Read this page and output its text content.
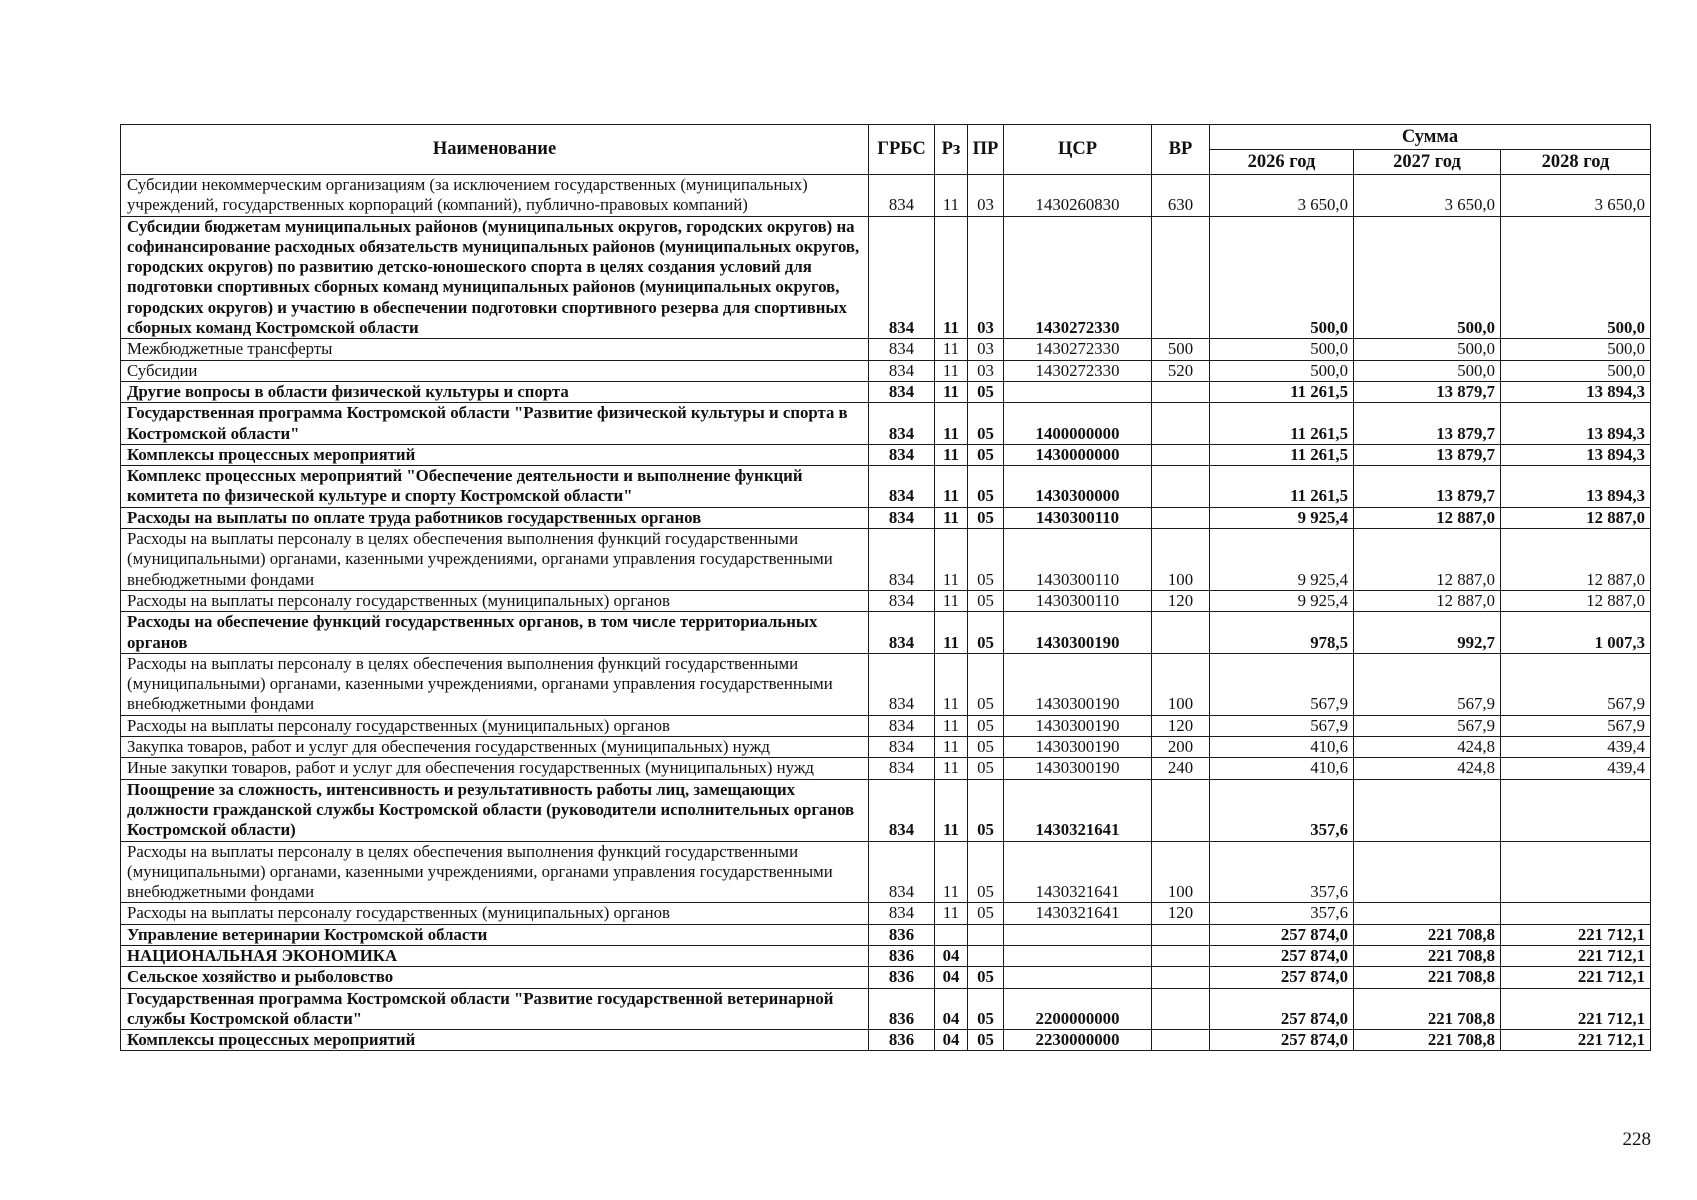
Наименование	ГРБС	Рз	ПР	ЦСР	ВР	Сумма		
						2026 год	2027 год	2028 год
Субсидии некоммерческим организациям (за исключением государственных (муниципальных) учреждений, государственных корпораций (компаний), публично-правовых компаний)	834	11	03	1430260830	630	3 650,0	3 650,0	3 650,0
Субсидии бюджетам муниципальных районов (муниципальных округов, городских округов) на софинансирование расходных обязательств муниципальных районов (муниципальных округов, городских округов) по развитию детско-юношеского спорта в целях создания условий для подготовки спортивных сборных команд муниципальных районов (муниципальных округов, городских округов) и участию в обеспечении подготовки спортивного резерва для спортивных сборных команд Костромской области	834	11	03	1430272330		500,0	500,0	500,0
Межбюджетные трансферты	834	11	03	1430272330	500	500,0	500,0	500,0
Субсидии	834	11	03	1430272330	520	500,0	500,0	500,0
Другие вопросы в области физической культуры и спорта	834	11	05			11 261,5	13 879,7	13 894,3
Государственная программа Костромской области "Развитие физической культуры и спорта в Костромской области"	834	11	05	1400000000		11 261,5	13 879,7	13 894,3
Комплексы процессных мероприятий	834	11	05	1430000000		11 261,5	13 879,7	13 894,3
Комплекс процессных мероприятий "Обеспечение деятельности и выполнение функций комитета по физической культуре и спорту Костромской области"	834	11	05	1430300000		11 261,5	13 879,7	13 894,3
Расходы на выплаты по оплате труда работников государственных органов	834	11	05	1430300110		9 925,4	12 887,0	12 887,0
Расходы на выплаты персоналу в целях обеспечения выполнения функций государственными (муниципальными) органами, казенными учреждениями, органами управления государственными внебюджетными фондами	834	11	05	1430300110	100	9 925,4	12 887,0	12 887,0
Расходы на выплаты персоналу государственных (муниципальных) органов	834	11	05	1430300110	120	9 925,4	12 887,0	12 887,0
Расходы на обеспечение функций государственных органов, в том числе территориальных органов	834	11	05	1430300190		978,5	992,7	1 007,3
Расходы на выплаты персоналу в целях обеспечения выполнения функций государственными (муниципальными) органами, казенными учреждениями, органами управления государственными внебюджетными фондами	834	11	05	1430300190	100	567,9	567,9	567,9
Расходы на выплаты персоналу государственных (муниципальных) органов	834	11	05	1430300190	120	567,9	567,9	567,9
Закупка товаров, работ и услуг для обеспечения государственных (муниципальных) нужд	834	11	05	1430300190	200	410,6	424,8	439,4
Иные закупки товаров, работ и услуг для обеспечения государственных (муниципальных) нужд	834	11	05	1430300190	240	410,6	424,8	439,4
Поощрение за сложность, интенсивность и результативность работы лиц, замещающих должности гражданской службы Костромской области (руководители исполнительных органов Костромской области)	834	11	05	1430321641		357,6		
Расходы на выплаты персоналу в целях обеспечения выполнения функций государственными (муниципальными) органами, казенными учреждениями, органами управления государственными внебюджетными фондами	834	11	05	1430321641	100	357,6		
Расходы на выплаты персоналу государственных (муниципальных) органов	834	11	05	1430321641	120	357,6		
Управление ветеринарии Костромской области	836					257 874,0	221 708,8	221 712,1
НАЦИОНАЛЬНАЯ ЭКОНОМИКА	836	04				257 874,0	221 708,8	221 712,1
Сельское хозяйство и рыболовство	836	04	05			257 874,0	221 708,8	221 712,1
Государственная программа Костромской области "Развитие государственной ветеринарной службы Костромской области"	836	04	05	2200000000		257 874,0	221 708,8	221 712,1
Комплексы процессных мероприятий	836	04	05	2230000000		257 874,0	221 708,8	221 712,1
228
